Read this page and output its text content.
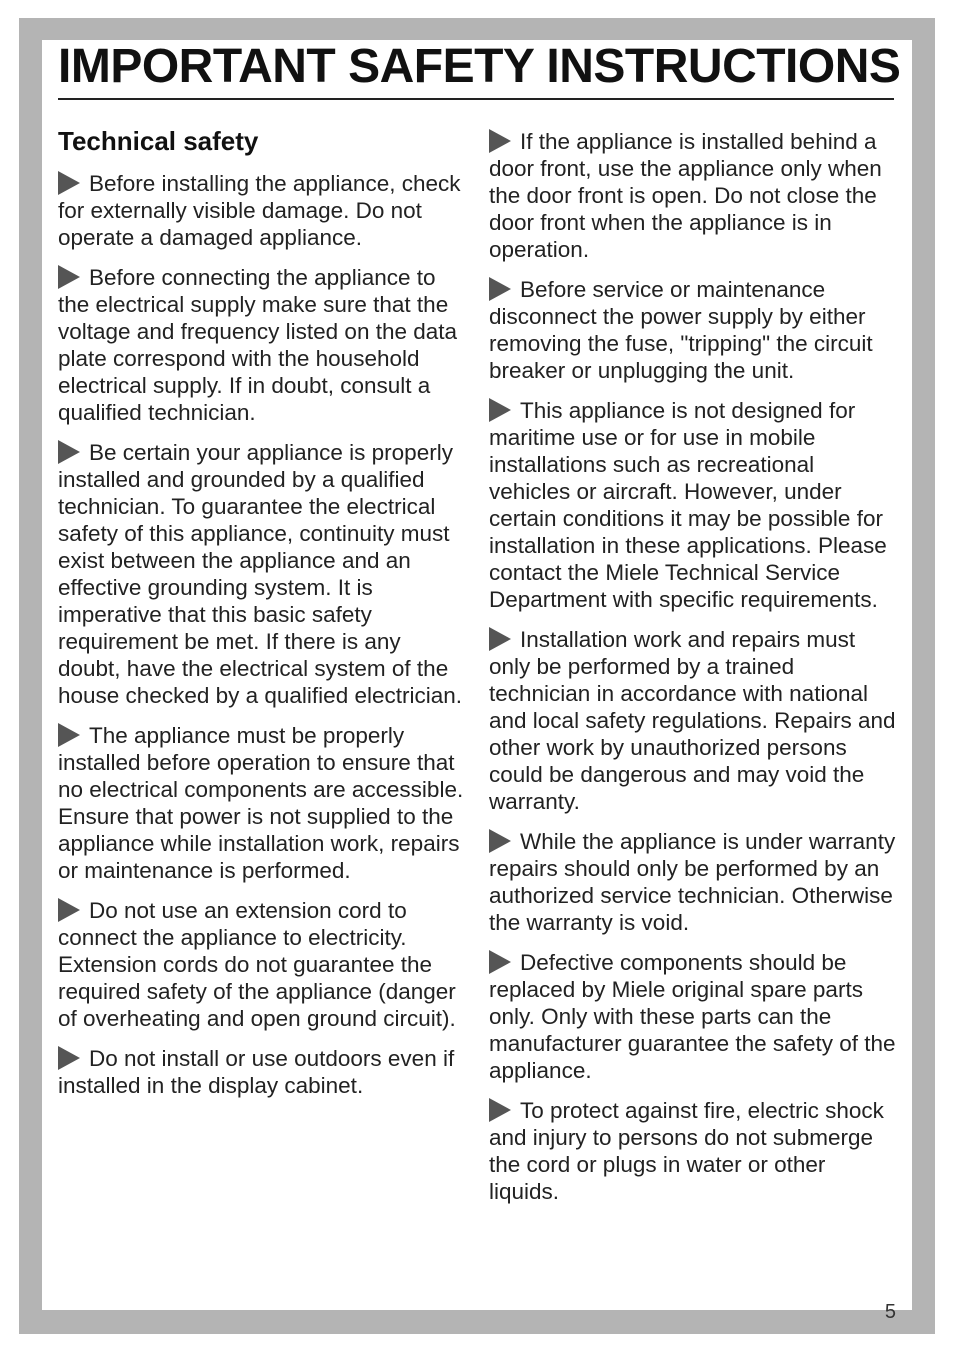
IMPORTANT SAFETY INSTRUCTIONS
Technical safety

Before installing the appliance, check for externally visible damage. Do not operate a damaged appliance.

Before connecting the appliance to the electrical supply make sure that the voltage and frequency listed on the data plate correspond with the household electrical supply. If in doubt, consult a qualified technician.

Be certain your appliance is properly installed and grounded by a qualified technician. To guarantee the electrical safety of this appliance, continuity must exist between the appliance and an effective grounding system. It is imperative that this basic safety requirement be met. If there is any doubt, have the electrical system of the house checked by a qualified electrician.

The appliance must be properly installed before operation to ensure that no electrical components are accessible. Ensure that power is not supplied to the appliance while installation work, repairs or maintenance is performed.

Do not use an extension cord to connect the appliance to electricity. Extension cords do not guarantee the required safety of the appliance (danger of overheating and open ground circuit).

Do not install or use outdoors even if installed in the display cabinet.

If the appliance is installed behind a door front, use the appliance only when the door front is open. Do not close the door front when the appliance is in operation.

Before service or maintenance disconnect the power supply by either removing the fuse, "tripping" the circuit breaker or unplugging the unit.

This appliance is not designed for maritime use or for use in mobile installations such as recreational vehicles or aircraft. However, under certain conditions it may be possible for installation in these applications. Please contact the Miele Technical Service Department with specific requirements.

Installation work and repairs must only be performed by a trained technician in accordance with national and local safety regulations. Repairs and other work by unauthorized persons could be dangerous and may void the warranty.

While the appliance is under warranty repairs should only be performed by an authorized service technician. Otherwise the warranty is void.

Defective components should be replaced by Miele original spare parts only. Only with these parts can the manufacturer guarantee the safety of the appliance.

To protect against fire, electric shock and injury to persons do not submerge the cord or plugs in water or other liquids.

5
